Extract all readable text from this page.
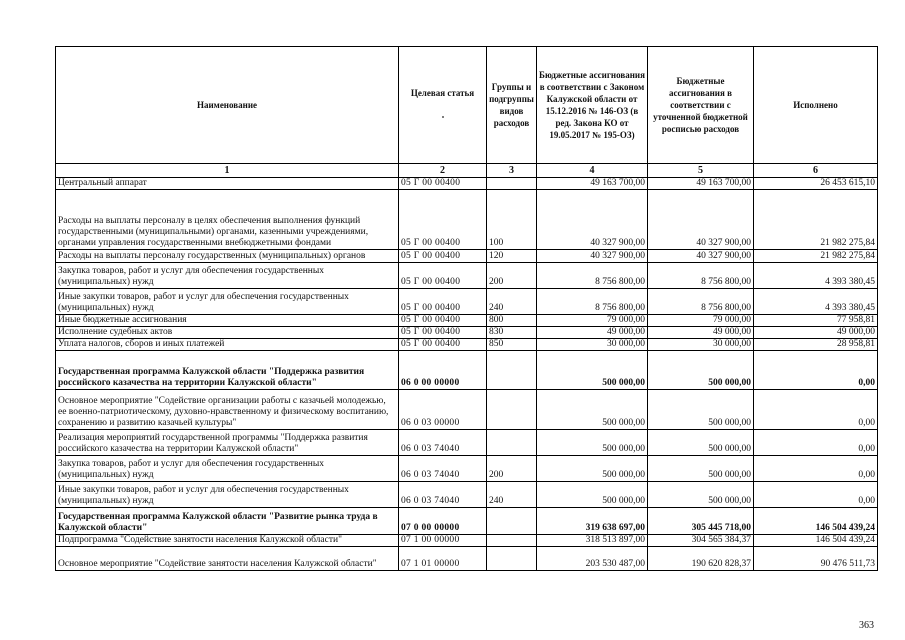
Наименование	Целевая статья	Группы и подгруппы видов расходов	Бюджетные ассигнования в соответствии с Законом Калужской области от 15.12.2016 № 146-ОЗ (в ред. Закона КО от 19.05.2017 № 195-ОЗ)	Бюджетные ассигнования в соответствии с уточненной бюджетной росписью расходов	Исполнено
1	2	3	4	5	6
Центральный аппарат	05 Г 00 00400		49 163 700,00	49 163 700,00	26 453 615,10
Расходы на выплаты персоналу в целях обеспечения выполнения функций государственными (муниципальными) органами, казенными учреждениями, органами управления государственными внебюджетными фондами	05 Г 00 00400	100	40 327 900,00	40 327 900,00	21 982 275,84
Расходы на выплаты персоналу государственных (муниципальных) органов	05 Г 00 00400	120	40 327 900,00	40 327 900,00	21 982 275,84
Закупка товаров, работ и услуг для обеспечения государственных (муниципальных) нужд	05 Г 00 00400	200	8 756 800,00	8 756 800,00	4 393 380,45
Иные закупки товаров, работ и услуг для обеспечения государственных (муниципальных) нужд	05 Г 00 00400	240	8 756 800,00	8 756 800,00	4 393 380,45
Иные бюджетные ассигнования	05 Г 00 00400	800	79 000,00	79 000,00	77 958,81
Исполнение судебных актов	05 Г 00 00400	830	49 000,00	49 000,00	49 000,00
Уплата налогов, сборов и иных платежей	05 Г 00 00400	850	30 000,00	30 000,00	28 958,81
Государственная программа Калужской области "Поддержка развития российского казачества на территории Калужской области"	06 0 00 00000		500 000,00	500 000,00	0,00
Основное мероприятие "Содействие организации работы с казачьей молодежью, ее военно-патриотическому, духовно-нравственному и физическому воспитанию, сохранению и развитию казачьей культуры"	06 0 03 00000		500 000,00	500 000,00	0,00
Реализация мероприятий государственной программы "Поддержка развития российского казачества на территории Калужской области"	06 0 03 74040		500 000,00	500 000,00	0,00
Закупка товаров, работ и услуг для обеспечения государственных (муниципальных) нужд	06 0 03 74040	200	500 000,00	500 000,00	0,00
Иные закупки товаров, работ и услуг для обеспечения государственных (муниципальных) нужд	06 0 03 74040	240	500 000,00	500 000,00	0,00
Государственная программа Калужской области "Развитие рынка труда в Калужской области"	07 0 00 00000		319 638 697,00	305 445 718,00	146 504 439,24
Подпрограмма "Содействие занятости населения Калужской области"	07 1 00 00000		318 513 897,00	304 565 384,37	146 504 439,24
Основное мероприятие "Содействие занятости населения Калужской области"	07 1 01 00000		203 530 487,00	190 620 828,37	90 476 511,73
363
